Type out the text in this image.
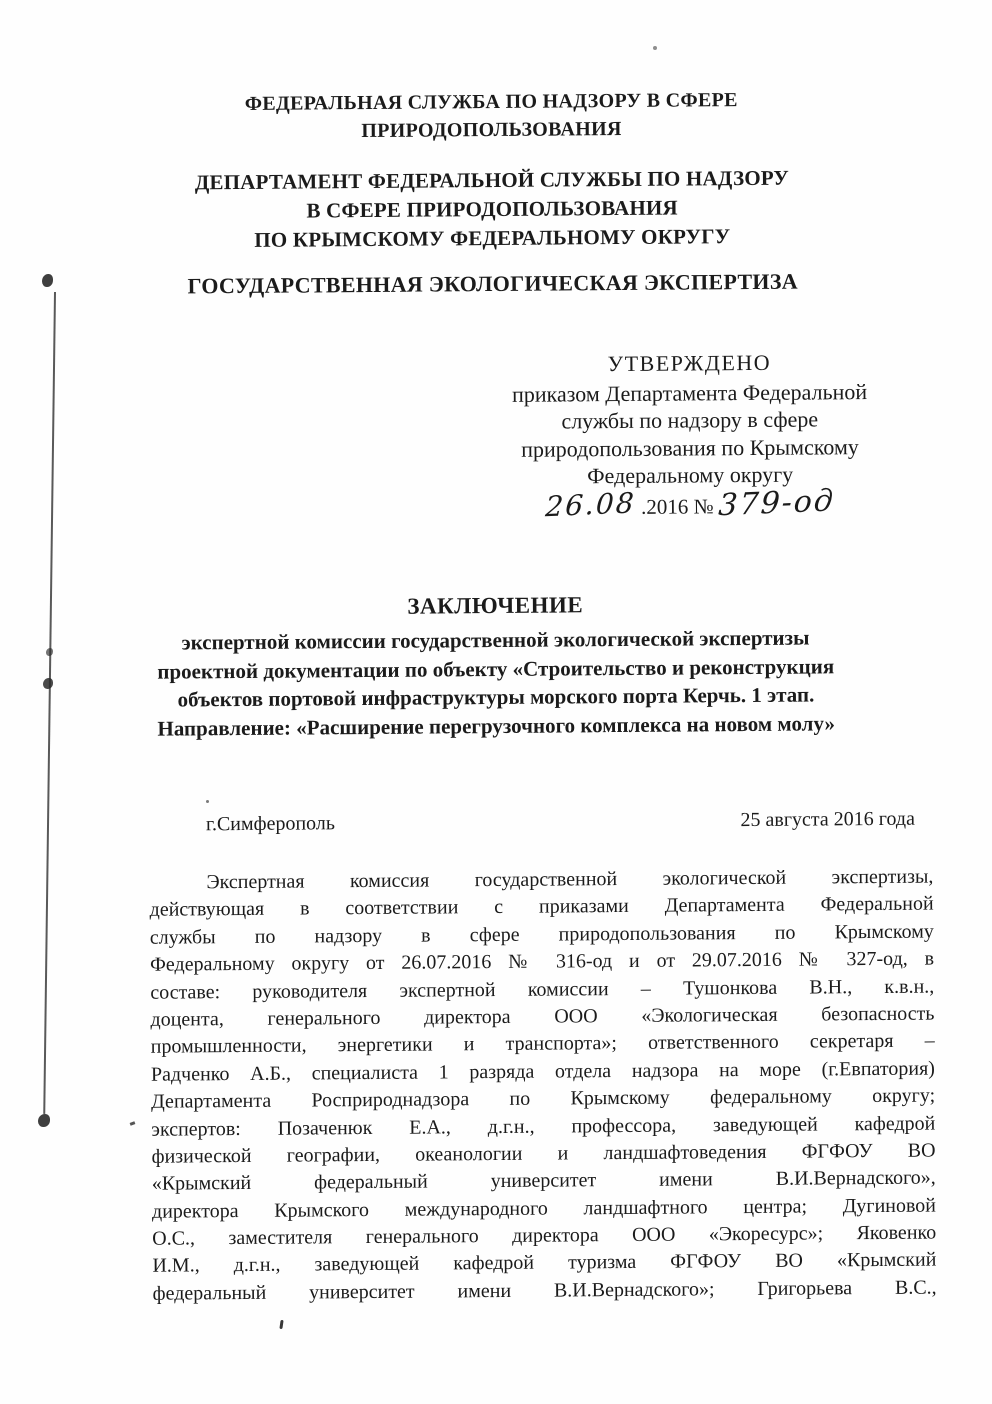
ФЕДЕРАЛЬНАЯ СЛУЖБА ПО НАДЗОРУ В СФЕРЕ
ПРИРОДОПОЛЬЗОВАНИЯ
ДЕПАРТАМЕНТ ФЕДЕРАЛЬНОЙ СЛУЖБЫ ПО НАДЗОРУ
В СФЕРЕ ПРИРОДОПОЛЬЗОВАНИЯ
ПО КРЫМСКОМУ ФЕДЕРАЛЬНОМУ ОКРУГУ
ГОСУДАРСТВЕННАЯ ЭКОЛОГИЧЕСКАЯ ЭКСПЕРТИЗА
УТВЕРЖДЕНО
приказом Департамента Федеральной
службы по надзору в сфере
природопользования по Крымскому
Федеральному округу
26.08 .2016 № 379-од
ЗАКЛЮЧЕНИЕ
экспертной комиссии государственной экологической экспертизы
проектной документации по объекту «Строительство и реконструкция
объектов портовой инфраструктуры морского порта Керчь. 1 этап.
Направление: «Расширение перегрузочного комплекса на новом молу»
г.Симферополь	25 августа 2016 года
Экспертная комиссия государственной экологической экспертизы,
действующая в соответствии с приказами Департамента Федеральной
службы по надзору в сфере природопользования по Крымскому
Федеральному округу от 26.07.2016 № 316-од и от 29.07.2016 № 327-од, в
составе: руководителя экспертной комиссии – Тушонкова В.Н., к.в.н.,
доцента, генерального директора ООО «Экологическая безопасность
промышленности, энергетики и транспорта»; ответственного секретаря –
Радченко А.Б., специалиста 1 разряда отдела надзора на море (г.Евпатория)
Департамента Росприроднадзора по Крымскому федеральному округу;
экспертов: Позаченюк Е.А., д.г.н., профессора, заведующей кафедрой
физической географии, океанологии и ландшафтоведения ФГФОУ ВО
«Крымский федеральный университет имени В.И.Вернадского»,
директора Крымского международного ландшафтного центра; Дугиновой
О.С., заместителя генерального директора ООО «Экоресурс»; Яковенко
И.М., д.г.н., заведующей кафедрой туризма ФГФОУ ВО «Крымский
федеральный университет имени В.И.Вернадского»; Григорьева В.С.,
